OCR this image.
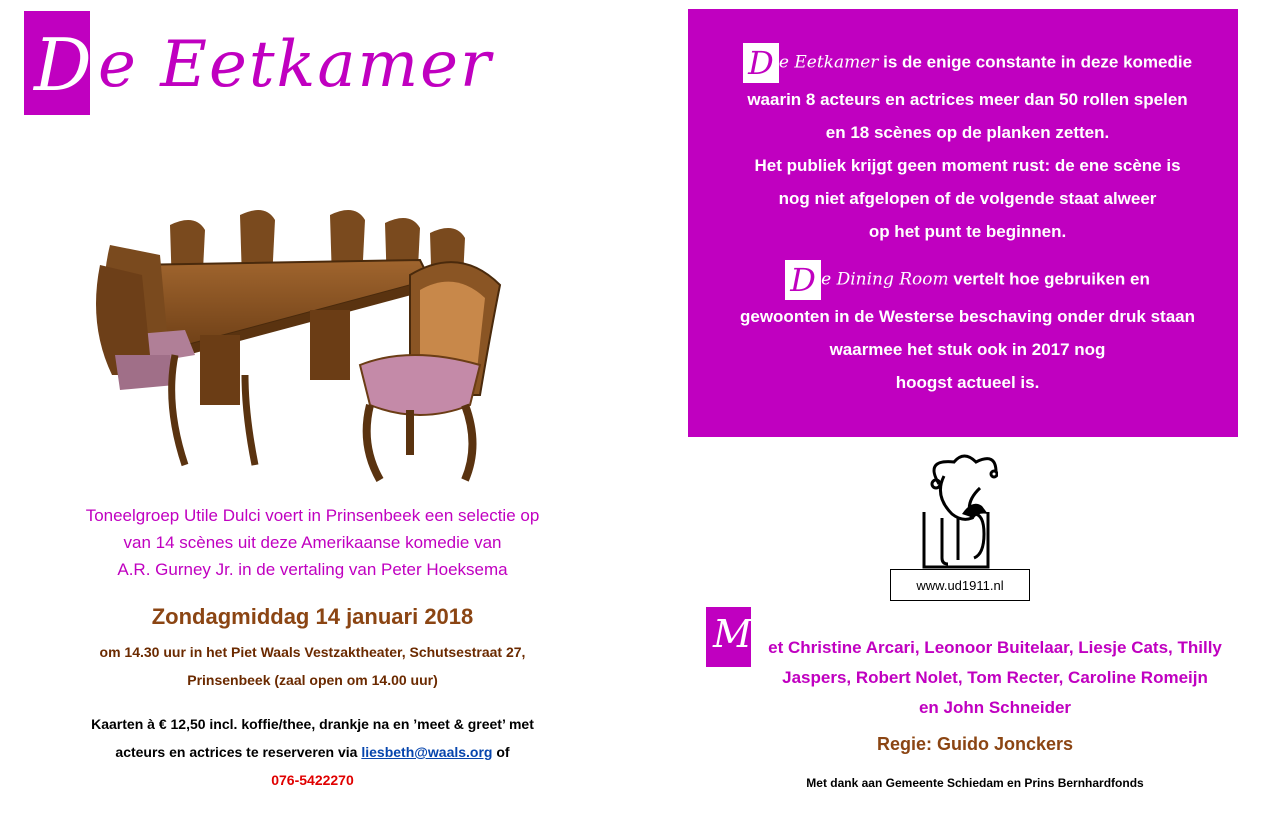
D e Eetkamer
Toneelgroep Utile Dulci voert in Prinsenbeek een selectie op
van 14 scènes uit deze Amerikaanse komedie van
A.R. Gurney Jr. in de vertaling van Peter Hoeksema
Zondagmiddag 14 januari 2018
om 14.30 uur in het Piet Waals Vestzaktheater, Schutsestraat 27,
Prinsenbeek (zaal open om 14.00 uur)
Kaarten à € 12,50 incl. koffie/thee, drankje na en ’meet & greet’ met
acteurs en actrices te reserveren via liesbeth@waals.org of
076-5422270
D e Eetkamer is de enige constante in deze komedie
waarin 8 acteurs en actrices meer dan 50 rollen spelen
en 18 scènes op de planken zetten.
Het publiek krijgt geen moment rust: de ene scène is
nog niet afgelopen of de volgende staat alweer
op het punt te beginnen.
D e Dining Room vertelt hoe gebruiken en
gewoonten in de Westerse beschaving onder druk staan
waarmee het stuk ook in 2017 nog
hoogst actueel is.
www.ud1911.nl
M et Christine Arcari, Leonoor Buitelaar, Liesje Cats, Thilly
Jaspers, Robert Nolet, Tom Recter, Caroline Romeijn
en John Schneider
Regie: Guido Jonckers
Met dank aan Gemeente Schiedam en Prins Bernhardfonds
